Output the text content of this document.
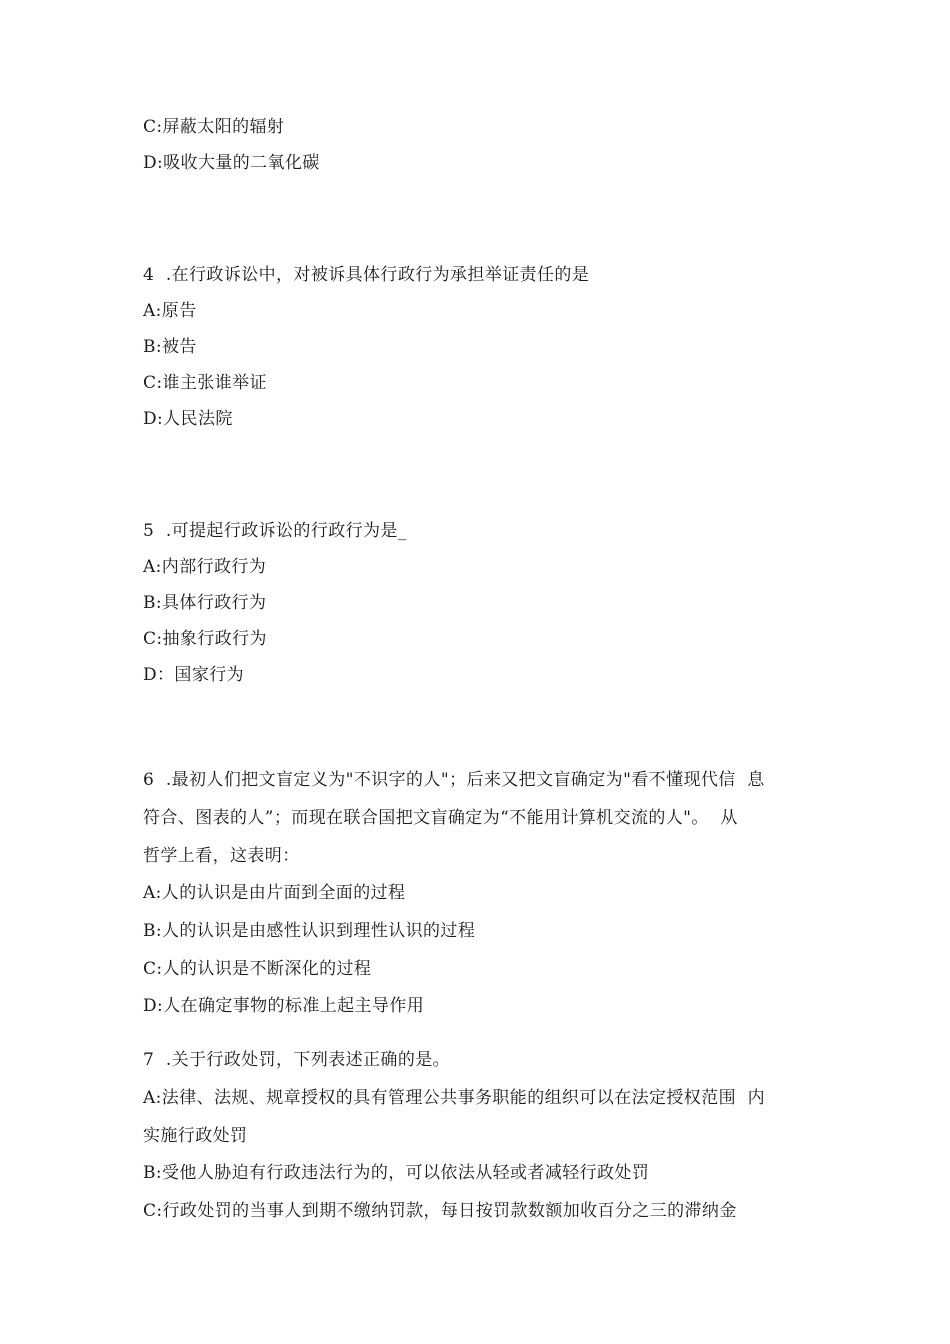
C:屏蔽太阳的辐射
D:吸收大量的二氧化碳
4  .在行政诉讼中，对被诉具体行政行为承担举证责任的是
A:原告
B:被告
C:谁主张谁举证
D:人民法院
5  .可提起行政诉讼的行政行为是_
A:内部行政行为
B:具体行政行为
C:抽象行政行为
D：国家行为
6  .最初人们把文盲定义为"不识字的人"；后来又把文盲确定为"看不懂现代信  息
符合、图表的人”；而现在联合国把文盲确定为“不能用计算机交流的人"。  从
哲学上看，这表明：
A:人的认识是由片面到全面的过程
B:人的认识是由感性认识到理性认识的过程
C:人的认识是不断深化的过程
D:人在确定事物的标准上起主导作用
7  .关于行政处罚，下列表述正确的是。
A:法律、法规、规章授权的具有管理公共事务职能的组织可以在法定授权范围  内
实施行政处罚
B:受他人胁迫有行政违法行为的，可以依法从轻或者减轻行政处罚
C:行政处罚的当事人到期不缴纳罚款，每日按罚款数额加收百分之三的滞纳金
